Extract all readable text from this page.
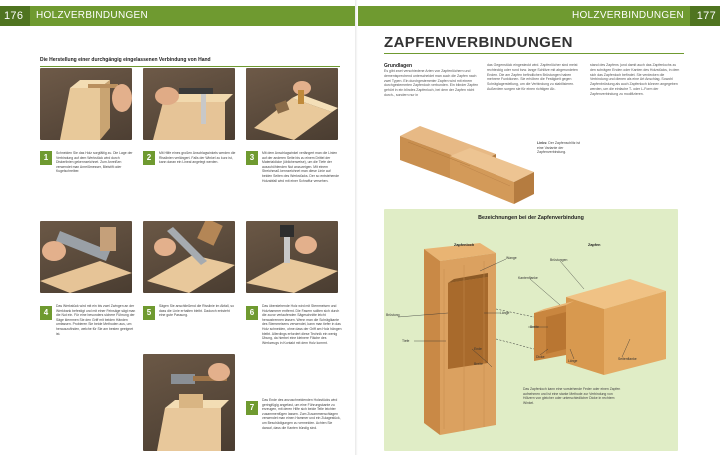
176	HOLZVERBINDUNGEN
Die Herstellung einer durchgängig eingelassenen Verbindung von Hand
1	Schneiden Sie das Holz sorgfältig zu. Die Lage der Verbindung auf dem Werkstück wird durch Diskerlinien gekennzeichnet. Zum Anreißen verwendet man Anreißmesser, Bleistift oder Kugelschreiber.
2	Mit Hilfe eines großen Anschlagwinkels werden die Risslinien verlängert. Falls der Winkel zu kurz ist, kann daran ein Lineal angelegt werden.
3	Mit dem Anschlagwinkel verlängert man die Linien auf der anderen Seite bis zu einem Drittel der Materialdicke (üblicherweise), um die Tiefe der auszuhöhlenden Nut anzuzeigen. Mit einem Streichmaß kennzeichnet man diese Linie auf beiden Seiten des Werkstücks. Der so entstehende Holzabfall wird mit einer Schraffur versehen.
4
Das Werkstück wird mit ein bis zwei Zwingen an der Werkbank befestigt und mit einer Feinsäge sägt man die Nut ein. Für eine besonders sichere Führung der Säge klemmen Sie den Griff mit beiden Händen umfassen. Probieren Sie beide Methoden aus, um herauszufinden, welche für Sie am besten geeignet ist.
5
Sägen Sie anschließend die Risslinie im Abfall, so dass die Linie erhalten bleibt. Dadurch entsteht eine gute Passung.	6
Das überstehende Holz wird mit Stemmeisen und Holzhammer entfernt. Die Fasern sollten sich durch die zuvor verlaufenden Sägeschnitte leicht heraustrennen lassen. Wenn man die Schräglkante des Stemmeisens verwendet, kann man tiefer in das Holz schneiden, ohne dass der Griff am Holz hängen bleibt. Allerdings erfordert diese Technik ein wenig Übung, da hierbei eine kleinere Fläche des Werkzeugs in Kontakt mit dem Holz kommt.
7
Das Ende des anzuschneidenden Holzstücks wird geringfügig angefast, um eine Führungskante zu erzeugen, mit deren Hilfe sich beide Teile leichter zusammenfügen lassen. Zum Zusammenschlagen verwendet man einen Hammer und ein Zulagestück, um Beschädigungen zu vermeiden. Achten Sie darauf, dass die Kanten bündig sind.
HOLZVERBINDUNGEN	177
ZAPFENVERBINDUNGEN
Grundlagen
Es gibt zwei verschiedene Arten von Zapfenlöchern und dementsprechend unterscheidet man auch die Zapfen nach zwei Typen. Ein durchgestemmter Zapfen wird mit einem durchgestemmten Zapfenloch verbunden. Ein blinder Zapfen gehört in ein blindes Zapfenloch, bei dem der Zapfen nicht durch-, sondern nur in
das Gegenstück eingesteckt wird. Zapfenlöcher sind meist rechteckig oder rund bzw. lange Schlitze mit abgerundeten Enden. Die am Zapfen befindlichen Brüstungen haben mehrere Funktionen. Sie erhöhen die Festigkeit gegen Schräglagerstellung, um die Verbindung zu stabilisieren. Außerdem sorgen sie für einen richtigen Ab-
stand des Zapfens (und damit auch das Zapfenlochs zu den schrägen Enden oder Kanten des Holzstücks, in dem sich das Zapfenloch befindet. Sie verdecken die Verbindung und dienen als eine Art Anschlag. Sowohl Zapfenbrüstung als auch Zapfenloch können angegeben werden, um die einfache T- oder L-Form der Zapfenverbindung zu modifizieren.
Links: Der Zapfenschlitz ist eine Variante der Zapfenverbindung.
Bezeichnungen bei der Zapfenverbindung
Zapfenloch	Zapfen
Wange	Brüstungen
Kantenflanke
Brüstung	Länge
Breite
Tiefe
Ende
Breite
Dicke
Länge	Seitenflanke
Das Zapfenloch kann eine vorstehende Feder oder einen Zapfen aufnehmen und ist eine starke Methode zur Verbindung von Hölzern von gleicher oder unterschiedlicher Dicke in rechtem Winkel.
